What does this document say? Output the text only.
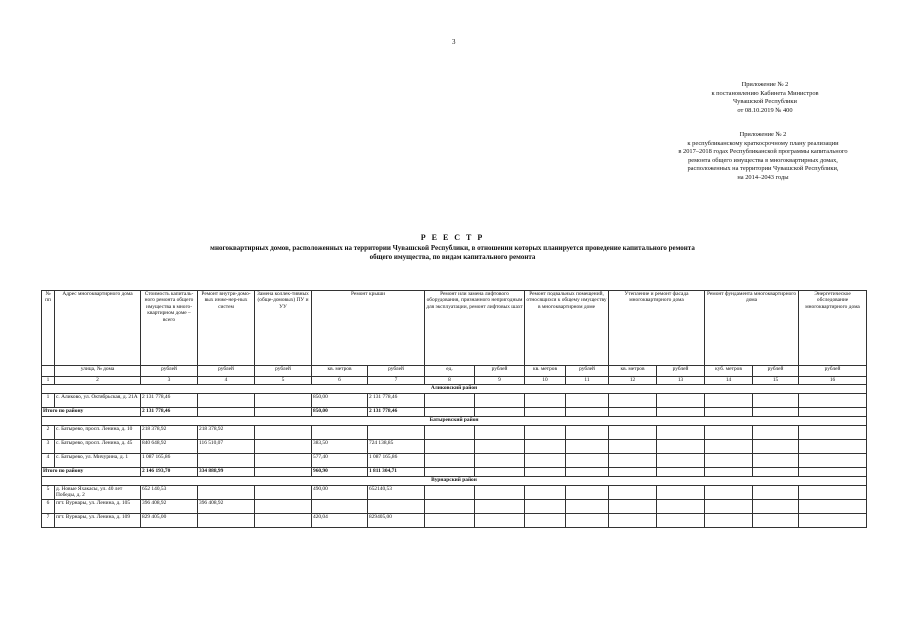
3
Приложение № 2
к постановлению Кабинета Министров
Чувашской Республики
от 08.10.2019 № 400
Приложение № 2
к республиканскому краткосрочному плану реализации
в 2017–2018 годах Республиканской программы капитального
ремонта общего имущества в многоквартирных домах,
расположенных на территории Чувашской Республики,
на 2014–2043 годы
Р Е Е С Т Р
многоквартирных домов, расположенных на территории Чувашской Республики, в отношении которых планируется проведение капитального ремонта
общего имущества, по видам капитального ремонта
№ пп	Адрес многоквартирного дома	Стоимость капиталь-ного ремонта общего имущества в много-квартирном доме – всего	Ремонт внутри-домо-вых инже-нер-ных систем	Замена коллек-тивных (обще-домовых) ПУ и УУ	Ремонт крыши		Ремонт или замена лифтового оборудования, признанного непригодным для эксплуатации, ремонт лифтовых шахт		Ремонт подвальных помещений, относящихся к общему имуществу в многоквартирном доме		Утепление и ремонт фасада многоквартирного дома		Ремонт фундамента многоквартирного дома		Энергетическое обследование многоквартирного дома
	улица, № дома	рублей	рублей	рублей	кв. метров	рублей	ед.	рублей	кв. метров	рублей	кв. метров	рублей	куб. метров	рублей	рублей
1	2	3	4	5	6	7	8	9	10	11	12	13	14	15	16
Аликовский район															
1	с. Аликово, ул. Октябрьская, д. 21А	2 131 778,46			850,00	2 131 778,46									
Итого по району		2 131 778,46			850,00	2 131 778,46									
Батыревский район															
2	с. Батырево, просп. Ленина, д. 10	218 378,92	218 378,92												
3	с. Батырево, просп. Ленина, д. 45	840 648,92	116 510,07		383,50	724 138,85									
4	с. Батырево, ул. Мичурина, д. 1	1 087 165,86			577,40	1 087 165,86									
Итого по району		2 146 193,70	334 888,99		960,90	1 811 304,71									
Вурнарский район															
5	д. Новые Яхакасы, ул. 40 лет Победы, д. 2	652 140,53			490,00	652140,53									
6	пгт. Вурнары, ул. Ленина, д. 105	396 408,92	396 408,92												
7	пгт. Вурнары, ул. Ленина, д. 109	829 405,00			420,04	829405,00									
